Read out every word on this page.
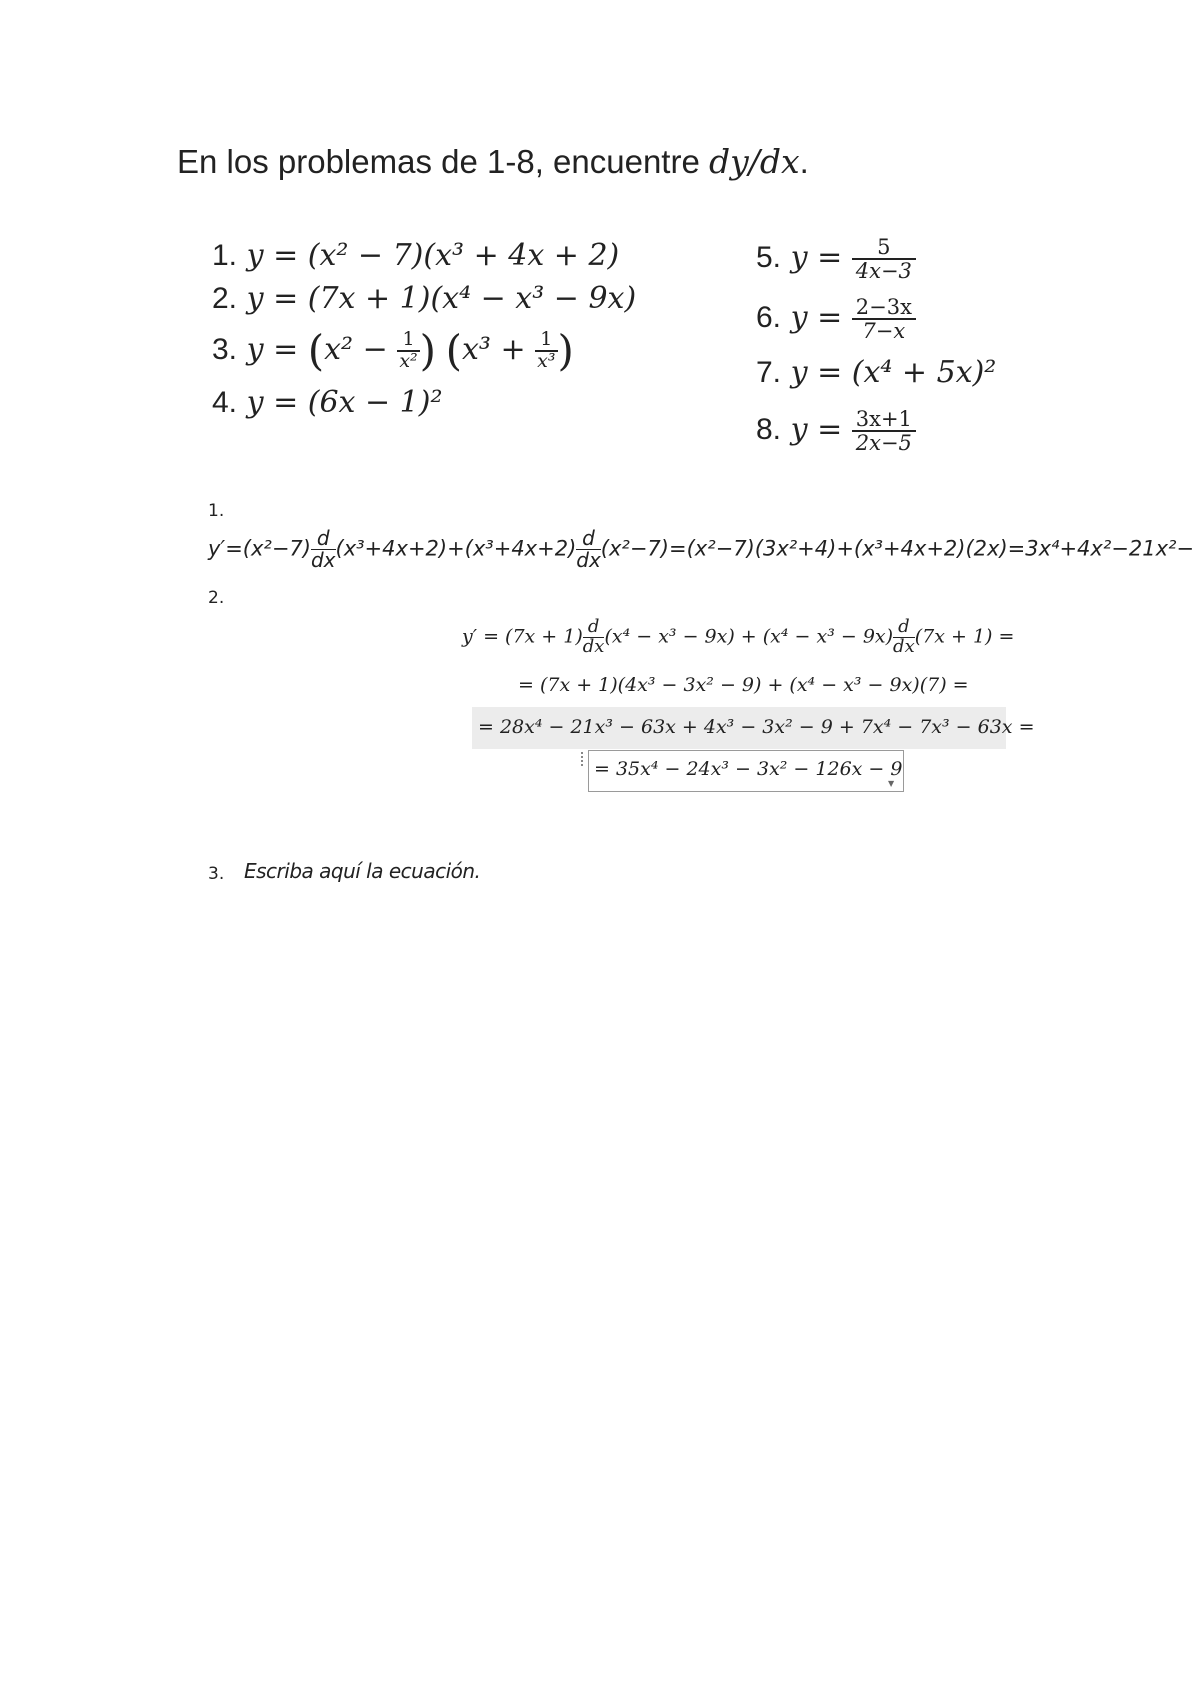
En los problemas de 1-8, encuentre dy/dx.
1. y = (x² − 7)(x³ + 4x + 2)
2. y = (7x + 1)(x⁴ − x³ − 9x)
3. $y = (x^2 - \frac{1}{\text{x²}}$ ) ($x^3 + \frac{1}{\text{x³}}$ )
4. y = (6x − 1)²
5. $y = \frac{5}{4x-3}$
6. $y = \frac{2-3x}{7-x}$
7. y = (x⁴ + 5x)²
8. $y = \frac{3x+1}{2x-5}$
1.
$y'=(x^2-7) \frac{d}{dx} (x^3+4x+2)+(x^3+4x+2) \frac{d}{dx} (x^2-7)=(x^2-7)(3x^2+4)+(x^3+4x+2)(2x)=3x^4+4x^2-21x^2-$
2.
$y' = (7x + 1)\frac{d}{dx} (x^4 - x^3 - 9x) + (x^4 - x^3 - 9x)\frac{d}{dx} (7x + 1)$ =
= (7x + 1)(4x³ − 3x² − 9) + (x⁴ − x³ − 9x)(7) =
= 28x⁴ − 21x³ − 63x + 4x³ − 3x² − 9 + 7x⁴ − 7x³ − 63x =
▼
= 35x⁴ − 24x³ − 3x² − 126x − 9
3. Escriba aquí la ecuación.
